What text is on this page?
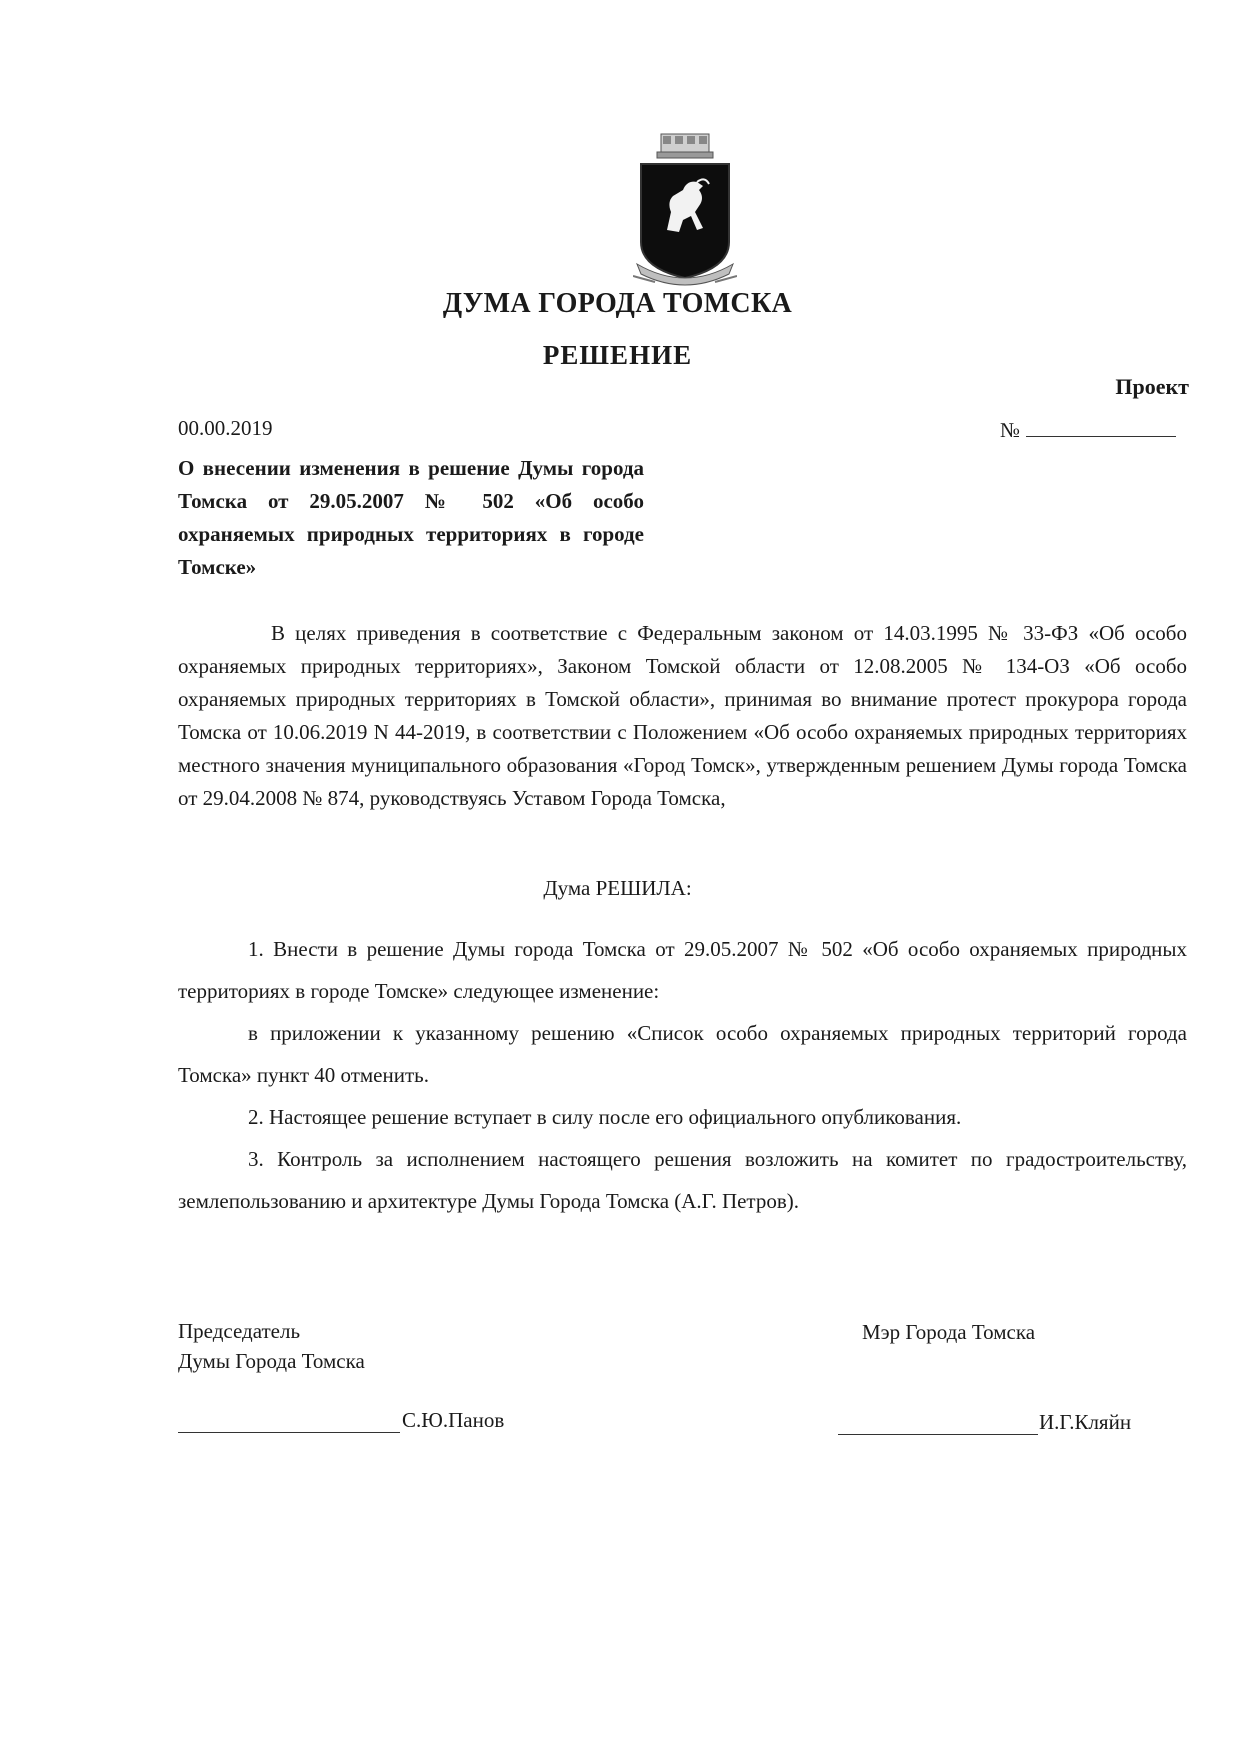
ДУМА ГОРОДА ТОМСКА
РЕШЕНИЕ
Проект
00.00.2019	№
О внесении изменения в решение Думы города Томска от 29.05.2007 № 502 «Об особо охраняемых природных территориях в городе Томске»
В целях приведения в соответствие с Федеральным законом от 14.03.1995 № 33-ФЗ «Об особо охраняемых природных территориях», Законом Томской области от 12.08.2005 № 134-ОЗ «Об особо охраняемых природных территориях в Томской области», принимая во внимание протест прокурора города Томска от 10.06.2019 N 44-2019, в соответствии с Положением «Об особо охраняемых природных территориях местного значения муниципального образования «Город Томск», утвержденным решением Думы города Томска от 29.04.2008 № 874, руководствуясь Уставом Города Томска,
Дума РЕШИЛА:

1. Внести в решение Думы города Томска от 29.05.2007 № 502 «Об особо охраняемых природных территориях в городе Томске» следующее изменение:

в приложении к указанному решению «Список особо охраняемых природных территорий города Томска» пункт 40 отменить.

2. Настоящее решение вступает в силу после его официального опубликования.

3. Контроль за исполнением настоящего решения возложить на комитет по градостроительству, землепользованию и архитектуре Думы Города Томска (А.Г. Петров).

Председатель
Думы Города Томска
Мэр Города Томска
С.Ю.Панов	И.Г.Кляйн
